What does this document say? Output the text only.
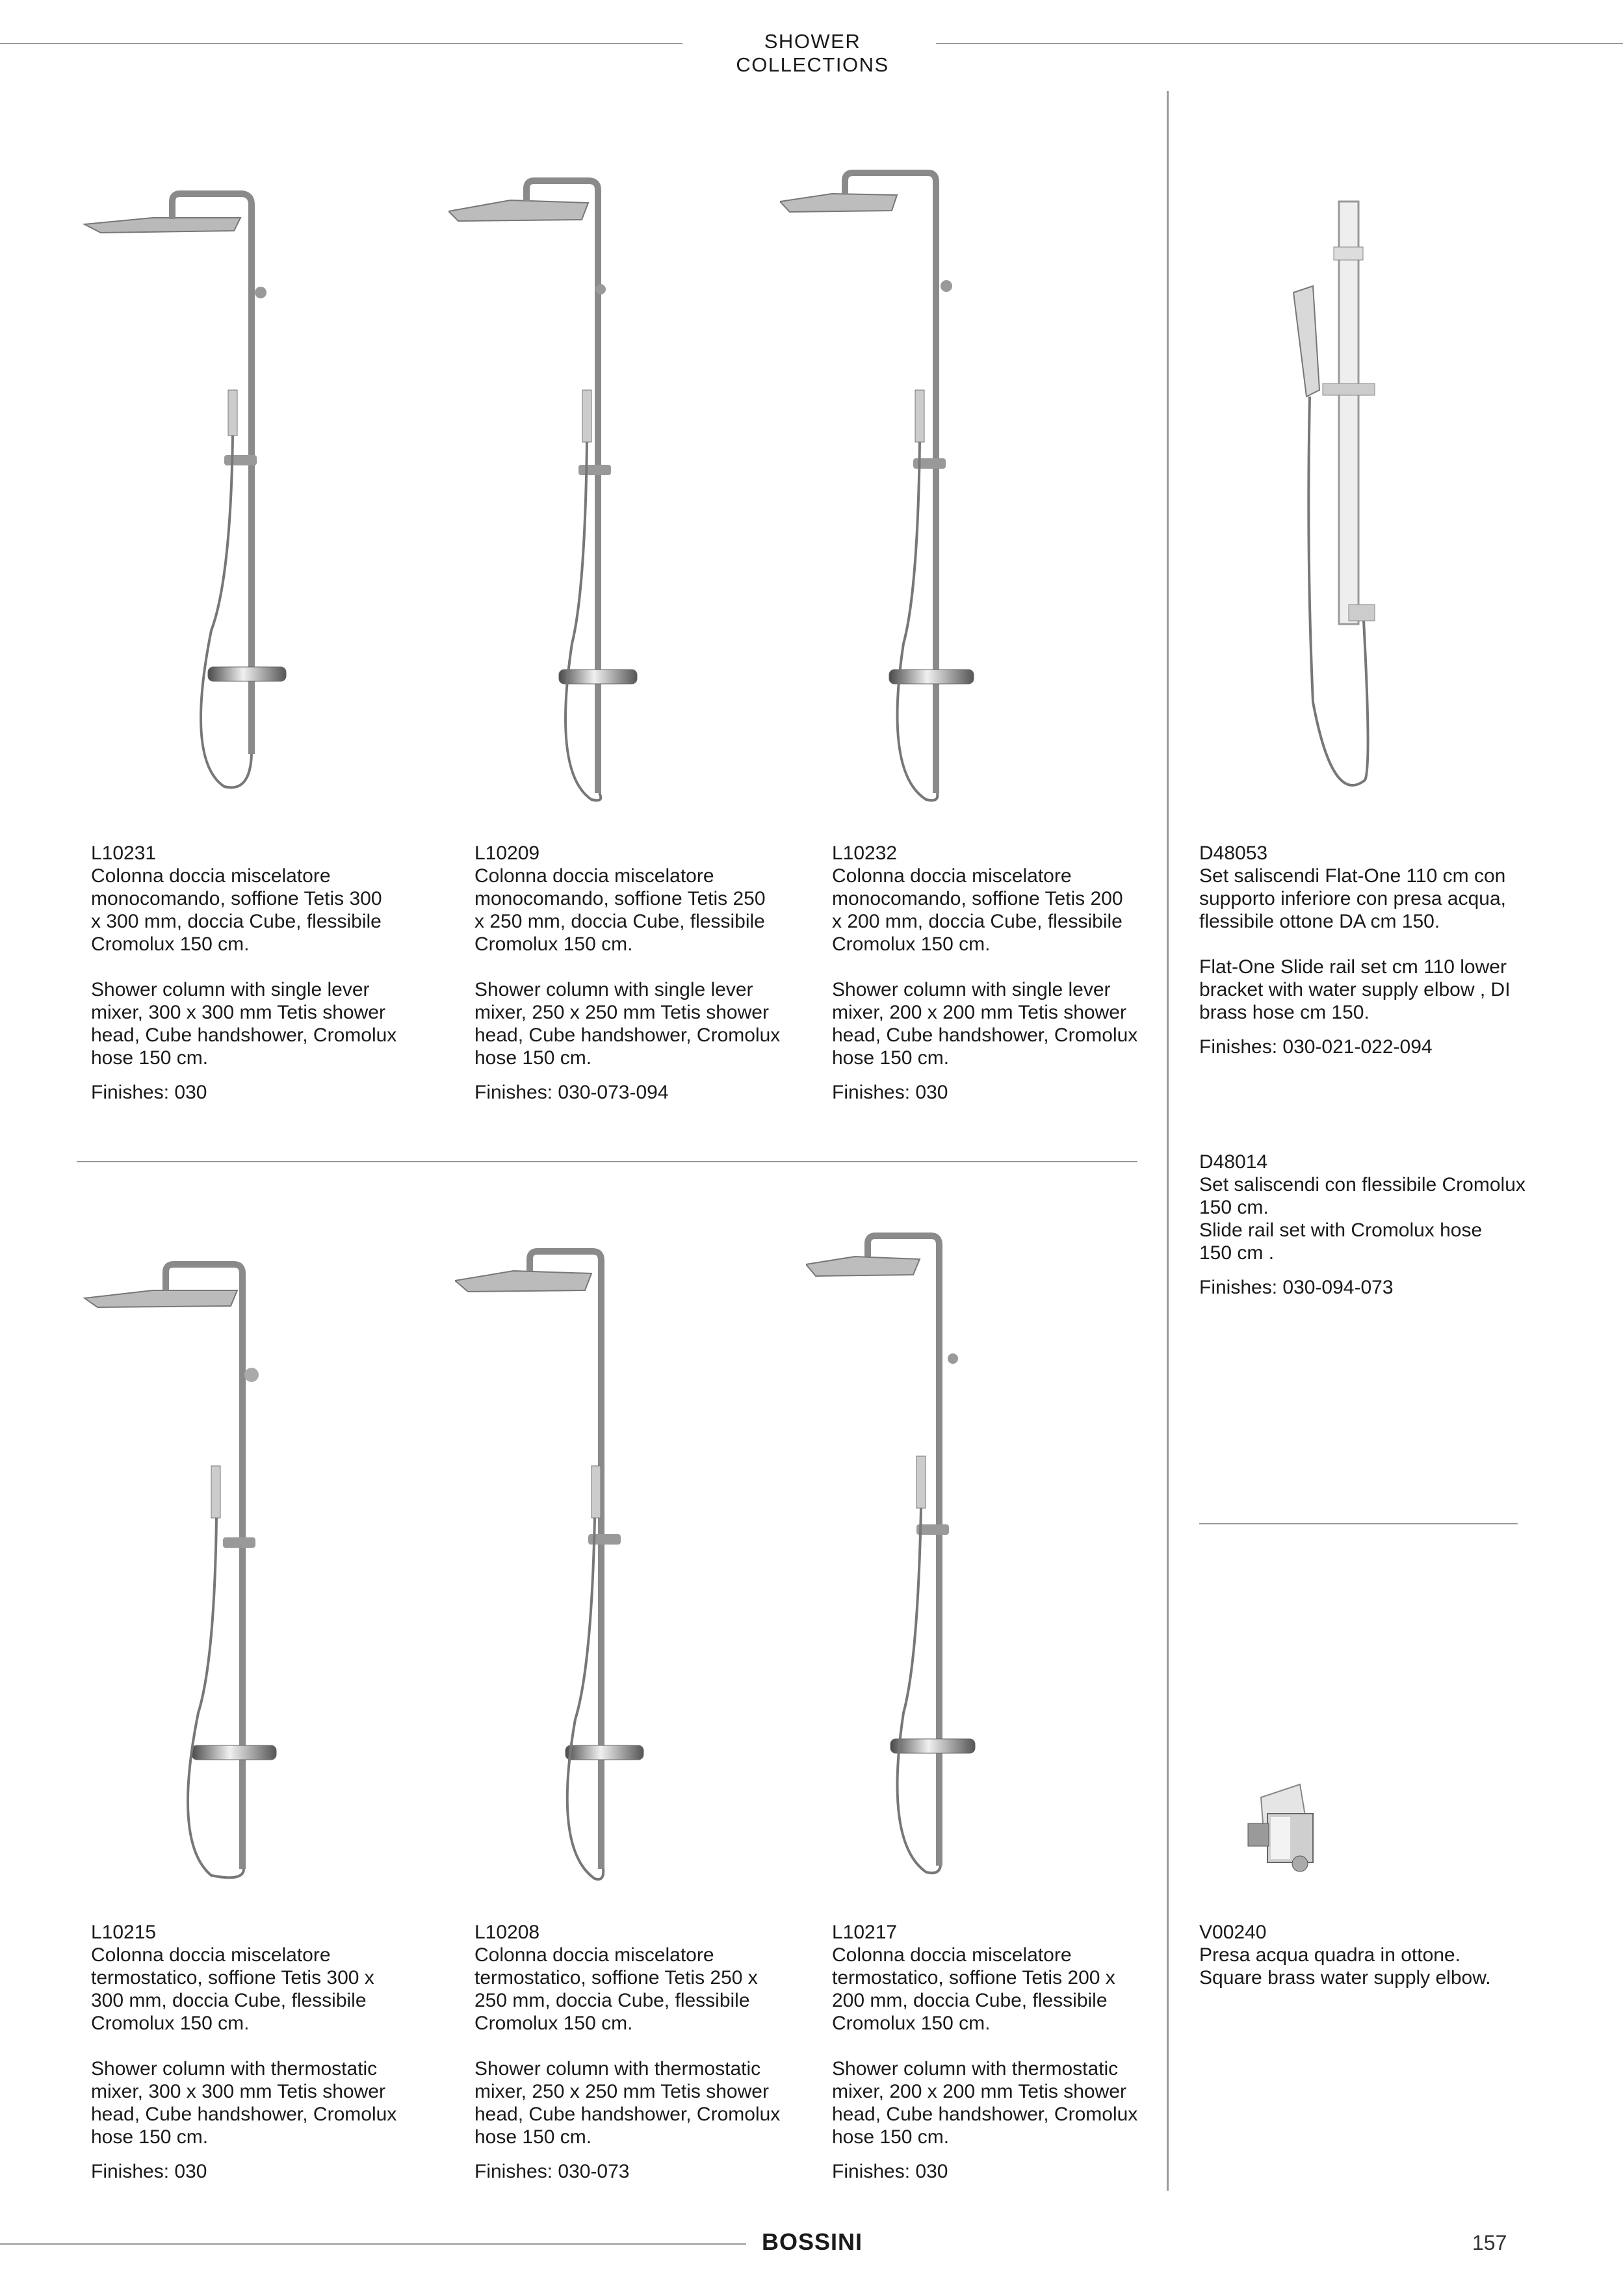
SHOWER COLLECTIONS
L10231
Colonna doccia miscelatore
monocomando, soffione Tetis 300
x 300 mm, doccia Cube, flessibile
Cromolux 150 cm.
Shower column with single lever
mixer, 300 x 300 mm Tetis shower
head, Cube handshower, Cromolux
hose 150 cm.
Finishes: 030
L10209
Colonna doccia miscelatore
monocomando, soffione Tetis 250
x 250 mm, doccia Cube, flessibile
Cromolux 150 cm.
Shower column with single lever
mixer, 250 x 250 mm Tetis shower
head, Cube handshower, Cromolux
hose 150 cm.
Finishes: 030-073-094
L10232
Colonna doccia miscelatore
monocomando, soffione Tetis 200
x 200 mm, doccia Cube, flessibile
Cromolux 150 cm.
Shower column with single lever
mixer, 200 x 200 mm Tetis shower
head, Cube handshower, Cromolux
hose 150 cm.
Finishes: 030
D48053
Set saliscendi Flat-One 110 cm con
supporto inferiore con presa acqua,
flessibile ottone DA cm 150.
Flat-One Slide rail set cm 110 lower
bracket with water supply elbow , DI
brass hose cm 150.
Finishes: 030-021-022-094
D48014
Set saliscendi con flessibile Cromolux
150 cm.
Slide rail set with Cromolux hose
150 cm .
Finishes: 030-094-073
L10215
Colonna doccia miscelatore
termostatico, soffione Tetis 300 x
300 mm, doccia Cube, flessibile
Cromolux 150 cm.
Shower column with thermostatic
mixer, 300 x 300 mm Tetis shower
head, Cube handshower, Cromolux
hose 150 cm.
Finishes: 030
L10208
Colonna doccia miscelatore
termostatico, soffione Tetis 250 x
250 mm, doccia Cube, flessibile
Cromolux 150 cm.
Shower column with thermostatic
mixer, 250 x 250 mm Tetis shower
head, Cube handshower, Cromolux
hose 150 cm.
Finishes: 030-073
L10217
Colonna doccia miscelatore
termostatico, soffione Tetis 200 x
200 mm, doccia Cube, flessibile
Cromolux 150 cm.
Shower column with thermostatic
mixer, 200 x 200 mm Tetis shower
head, Cube handshower, Cromolux
hose 150 cm.
Finishes: 030
V00240
Presa acqua quadra in ottone.
Square brass water supply elbow.
BOSSINI	157
